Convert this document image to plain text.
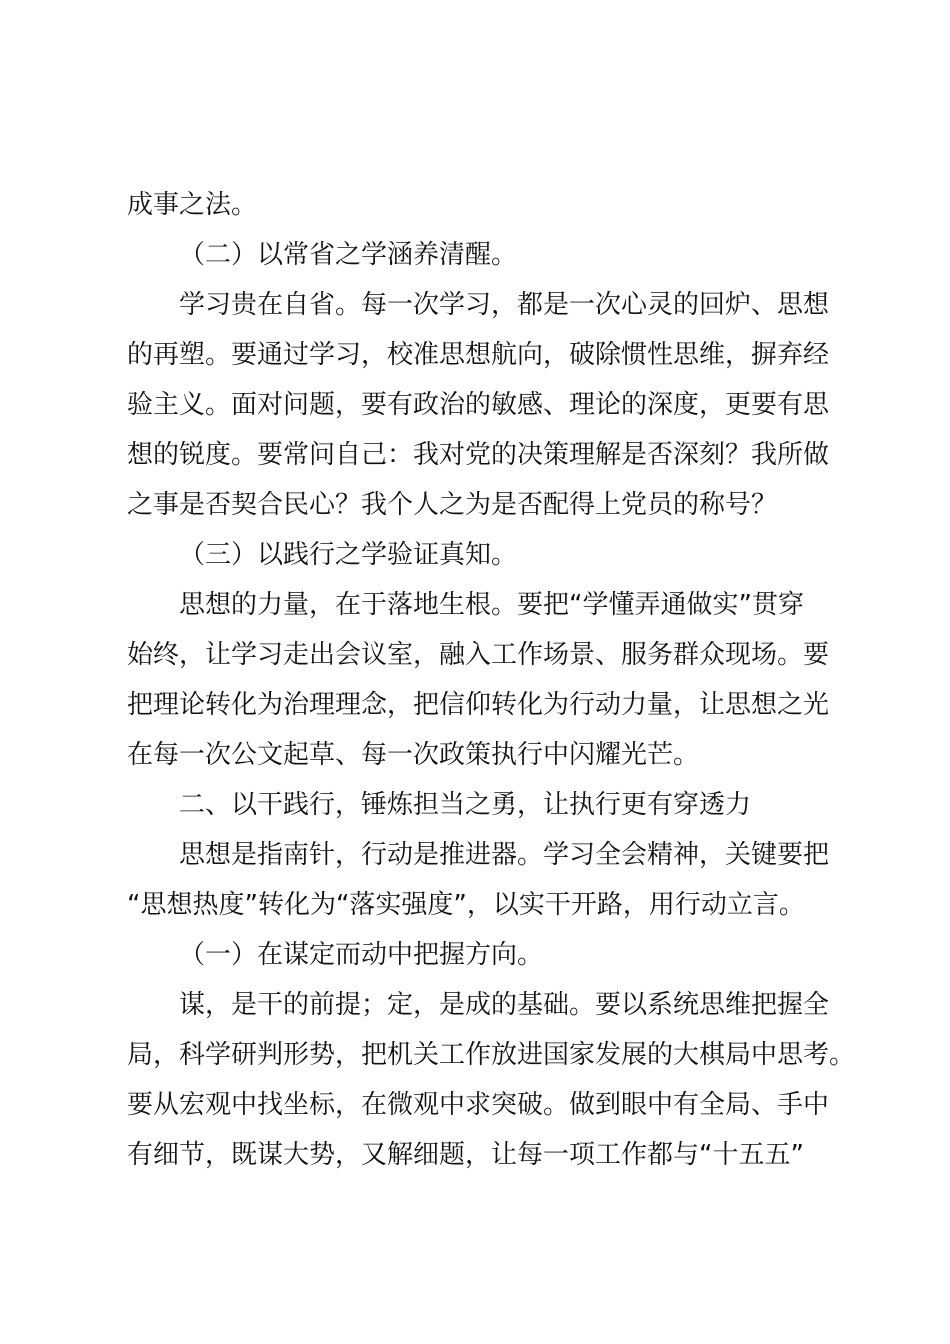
成事之法。

（二）以常省之学涵养清醒。

学习贵在自省。每一次学习，都是一次心灵的回炉、思想
的再塑。要通过学习，校准思想航向，破除惯性思维，摒弃经
验主义。面对问题，要有政治的敏感、理论的深度，更要有思
想的锐度。要常问自己：我对党的决策理解是否深刻？我所做
之事是否契合民心？我个人之为是否配得上党员的称号？

（三）以践行之学验证真知。

思想的力量，在于落地生根。要把“学懂弄通做实”贯穿
始终，让学习走出会议室，融入工作场景、服务群众现场。要
把理论转化为治理理念，把信仰转化为行动力量，让思想之光
在每一次公文起草、每一次政策执行中闪耀光芒。

二、以干践行，锤炼担当之勇，让执行更有穿透力

思想是指南针，行动是推进器。学习全会精神，关键要把
“思想热度”转化为“落实强度”，以实干开路，用行动立言。

（一）在谋定而动中把握方向。

谋，是干的前提；定，是成的基础。要以系统思维把握全
局，科学研判形势，把机关工作放进国家发展的大棋局中思考。
要从宏观中找坐标，在微观中求突破。做到眼中有全局、手中
有细节，既谋大势，又解细题，让每一项工作都与“十五五”
